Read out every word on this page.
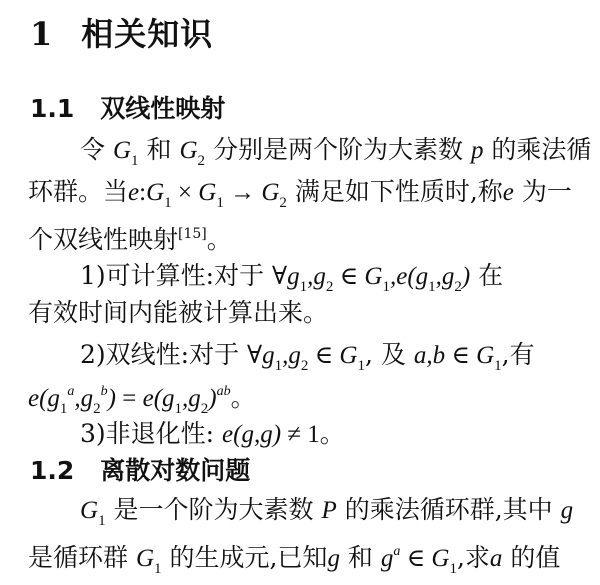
1 相关知识
1.1 双线性映射
令 $G_1$ 和 $G_2$ 分别是两个阶为大素数 p 的乘法循
环群。当$e:G_1 \times G_1 \to G_2$ 满足如下性质时,称e 为一
个双线性映射[15]。
1)可计算性:对于 $\forall g_1,g_2$ ∈ $G_1,e(g_1,g_2)$ 在
有效时间内能被计算出来。
2)双线性:对于 $\forall g_1,g_2$ ∈ $G_1$, 及 a,b ∈ $G_1$,有
$e(g_1^a,g_2^b) = e(g_1,g_2)^{ab}$。
3)非退化性: e(g,g) ≠ 1。
1.2 离散对数问题
$G_1$ 是一个阶为大素数 P 的乘法循环群,其中 g
是循环群 $G_1$ 的生成元,已知g 和 $g^a$ ∈ $G_1$,求a 的值
